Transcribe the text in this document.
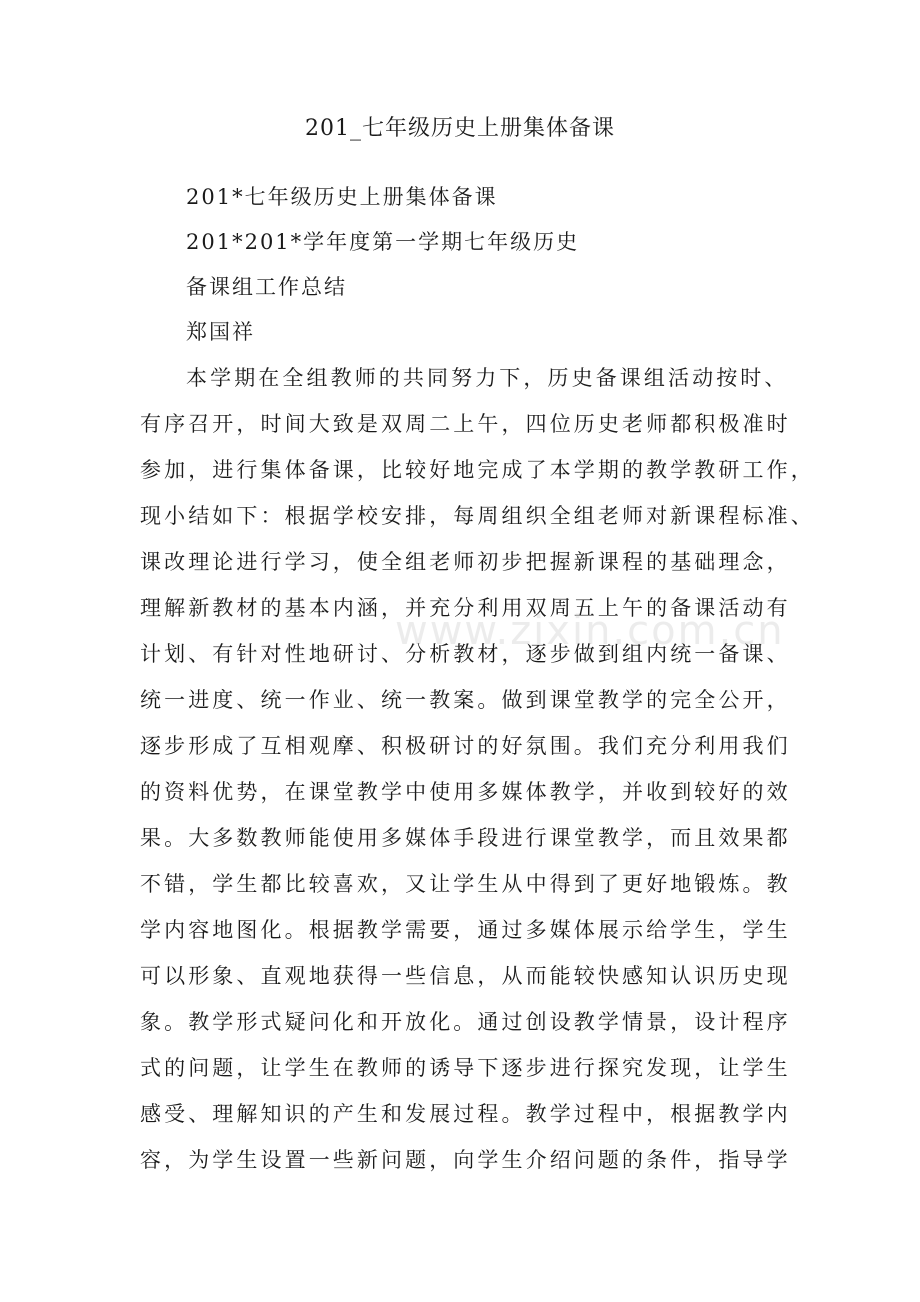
201_七年级历史上册集体备课
201*七年级历史上册集体备课
201*201*学年度第一学期七年级历史
备课组工作总结
郑国祥
本学期在全组教师的共同努力下，历史备课组活动按时、
有序召开，时间大致是双周二上午，四位历史老师都积极准时
参加，进行集体备课，比较好地完成了本学期的教学教研工作，
现小结如下：根据学校安排，每周组织全组老师对新课程标准、
课改理论进行学习，使全组老师初步把握新课程的基础理念，
理解新教材的基本内涵，并充分利用双周五上午的备课活动有
计划、有针对性地研讨、分析教材，逐步做到组内统一备课、
统一进度、统一作业、统一教案。做到课堂教学的完全公开，
逐步形成了互相观摩、积极研讨的好氛围。我们充分利用我们
的资料优势，在课堂教学中使用多媒体教学，并收到较好的效
果。大多数教师能使用多媒体手段进行课堂教学，而且效果都
不错，学生都比较喜欢，又让学生从中得到了更好地锻炼。教
学内容地图化。根据教学需要，通过多媒体展示给学生，学生
可以形象、直观地获得一些信息，从而能较快感知认识历史现
象。教学形式疑问化和开放化。通过创设教学情景，设计程序
式的问题，让学生在教师的诱导下逐步进行探究发现，让学生
感受、理解知识的产生和发展过程。教学过程中，根据教学内
容，为学生设置一些新问题，向学生介绍问题的条件，指导学
www.zixin.com.cn
